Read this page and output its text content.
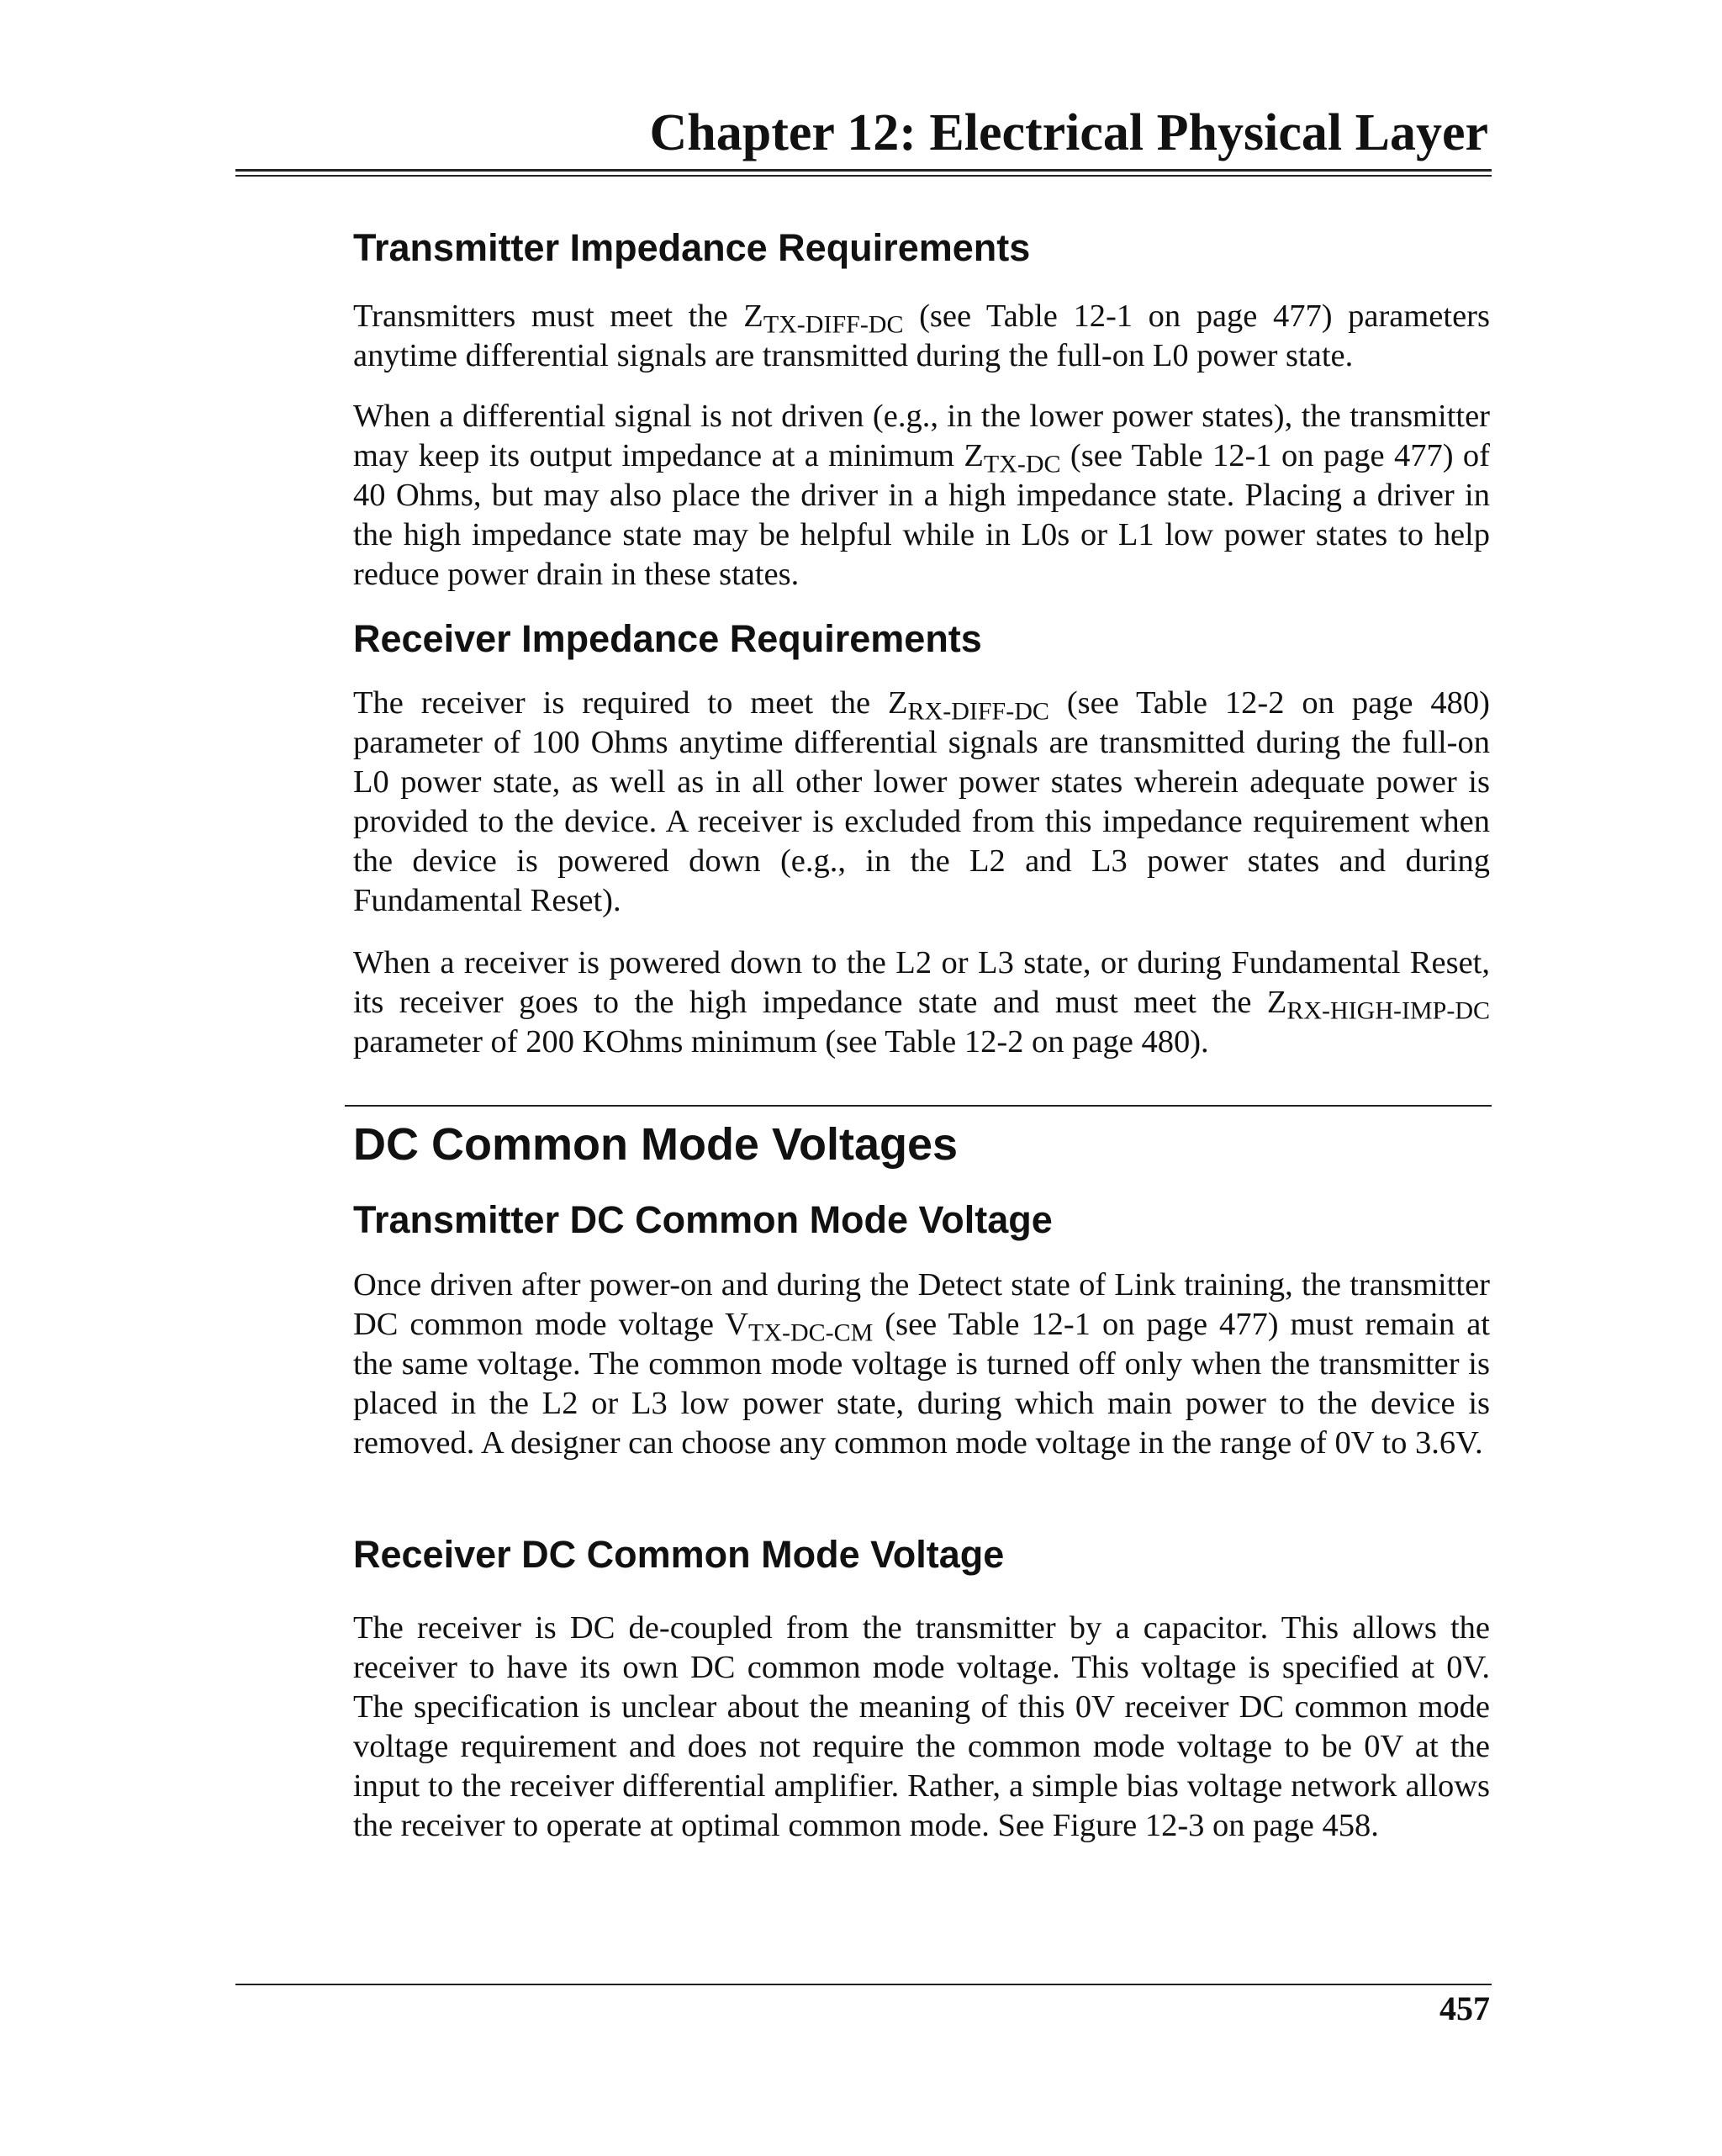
Chapter 12: Electrical Physical Layer
Transmitter Impedance Requirements

Transmitters must meet the $Z_{TX-DIFF-DC}$ (see Table 12-1 on page 477) parameters anytime differential signals are transmitted during the full-on L0 power state.

When a differential signal is not driven (e.g., in the lower power states), the transmitter may keep its output impedance at a minimum $Z_{TX-DC}$ (see Table 12-1 on page 477) of 40 Ohms, but may also place the driver in a high impedance state. Placing a driver in the high impedance state may be helpful while in L0s or L1 low power states to help reduce power drain in these states.

Receiver Impedance Requirements

The receiver is required to meet the $Z_{RX-DIFF-DC}$ (see Table 12-2 on page 480) parameter of 100 Ohms anytime differential signals are transmitted during the full-on L0 power state, as well as in all other lower power states wherein adequate power is provided to the device. A receiver is excluded from this impedance requirement when the device is powered down (e.g., in the L2 and L3 power states and during Fundamental Reset).

When a receiver is powered down to the L2 or L3 state, or during Fundamental Reset, its receiver goes to the high impedance state and must meet the $Z_{RX-HIGH-IMP-DC}$ parameter of 200 KOhms minimum (see Table 12-2 on page 480).

DC Common Mode Voltages
Transmitter DC Common Mode Voltage

Once driven after power-on and during the Detect state of Link training, the transmitter DC common mode voltage $V_{TX-DC-CM}$ (see Table 12-1 on page 477) must remain at the same voltage. The common mode voltage is turned off only when the transmitter is placed in the L2 or L3 low power state, during which main power to the device is removed. A designer can choose any common mode voltage in the range of 0V to 3.6V.

Receiver DC Common Mode Voltage

The receiver is DC de-coupled from the transmitter by a capacitor. This allows the receiver to have its own DC common mode voltage. This voltage is specified at 0V. The specification is unclear about the meaning of this 0V receiver DC common mode voltage requirement and does not require the common mode voltage to be 0V at the input to the receiver differential amplifier. Rather, a simple bias voltage network allows the receiver to operate at optimal common mode. See Figure 12-3 on page 458.

457
